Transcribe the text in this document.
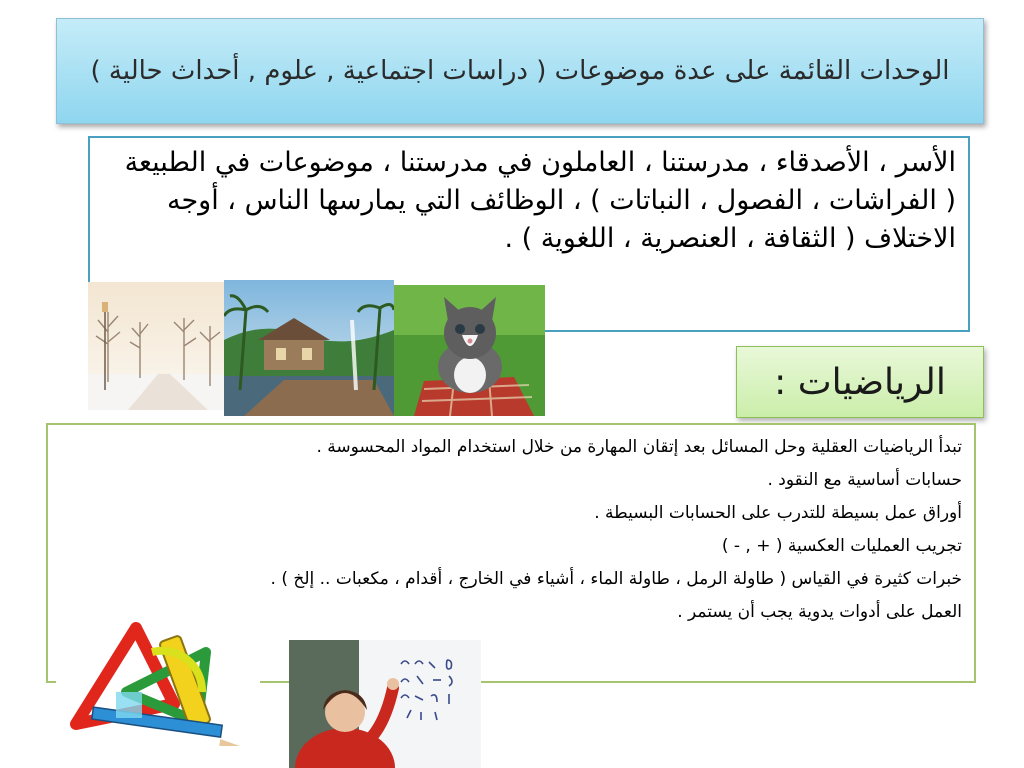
الوحدات القائمة على عدة موضوعات ( دراسات اجتماعية , علوم , أحداث حالية )
الأسر ، الأصدقاء ، مدرستنا ، العاملون في مدرستنا ، موضوعات في الطبيعة ( الفراشات ، الفصول ، النباتات ) ، الوظائف التي يمارسها الناس ، أوجه الاختلاف ( الثقافة ، العنصرية ، اللغوية ) .
الرياضيات :
تبدأ الرياضيات العقلية وحل المسائل بعد إتقان المهارة من خلال استخدام المواد المحسوسة .
حسابات أساسية مع النقود .
أوراق عمل بسيطة للتدرب على الحسابات البسيطة .
تجريب العمليات العكسية ( + , - )
خبرات كثيرة في القياس ( طاولة الرمل ، طاولة الماء ، أشياء في الخارج ، أقدام ، مكعبات .. إلخ ) .
العمل على أدوات يدوية يجب أن يستمر .
